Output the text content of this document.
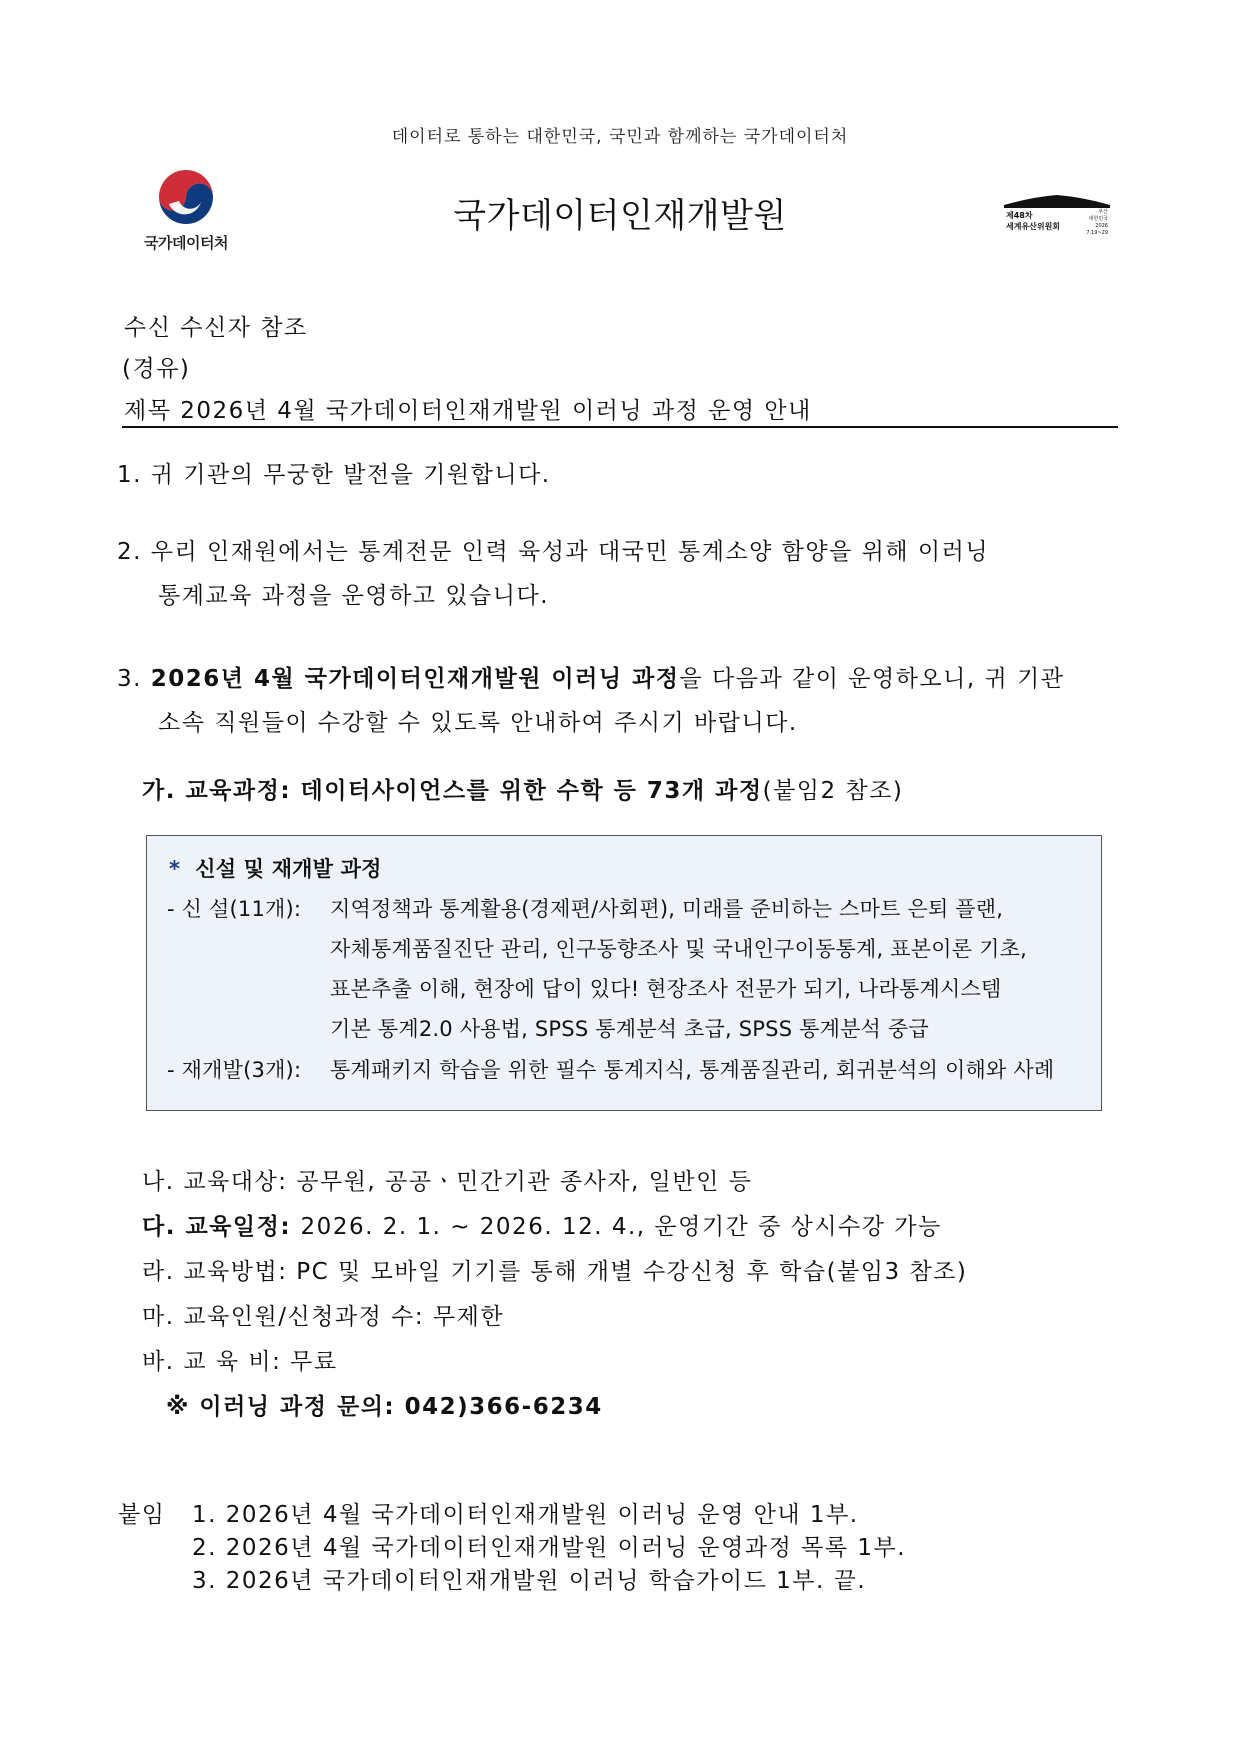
데이터로 통하는 대한민국, 국민과 함께하는 국가데이터처
국가데이터처
국가데이터인재개발원	제48차
세계유산위원회
부산
대한민국
2026
7.19~29
수신 수신자 참조
(경유)
제목 2026년 4월 국가데이터인재개발원 이러닝 과정 운영 안내
1. 귀 기관의 무궁한 발전을 기원합니다.
2. 우리 인재원에서는 통계전문 인력 육성과 대국민 통계소양 함양을 위해 이러닝
통계교육 과정을 운영하고 있습니다.
3. 2026년 4월 국가데이터인재개발원 이러닝 과정을 다음과 같이 운영하오니, 귀 기관
소속 직원들이 수강할 수 있도록 안내하여 주시기 바랍니다.
가. 교육과정: 데이터사이언스를 위한 수학 등 73개 과정(붙임2 참조)
* 신설 및 재개발 과정
- 신 설(11개): 지역정책과 통계활용(경제편/사회편), 미래를 준비하는 스마트 은퇴 플랜,
자체통계품질진단 관리, 인구동향조사 및 국내인구이동통계, 표본이론 기초,
표본추출 이해, 현장에 답이 있다! 현장조사 전문가 되기, 나라통계시스템
기본 통계2.0 사용법, SPSS 통계분석 초급, SPSS 통계분석 중급
- 재개발(3개): 통계패키지 학습을 위한 필수 통계지식, 통계품질관리, 회귀분석의 이해와 사례
나. 교육대상: 공무원, 공공ㆍ민간기관 종사자, 일반인 등
다. 교육일정: 2026. 2. 1. ~ 2026. 12. 4., 운영기간 중 상시수강 가능
라. 교육방법: PC 및 모바일 기기를 통해 개별 수강신청 후 학습(붙임3 참조)
마. 교육인원/신청과정 수: 무제한
바. 교 육 비: 무료
※ 이러닝 과정 문의: 042)366-6234
붙임 1. 2026년 4월 국가데이터인재개발원 이러닝 운영 안내 1부.
2. 2026년 4월 국가데이터인재개발원 이러닝 운영과정 목록 1부.
3. 2026년 국가데이터인재개발원 이러닝 학습가이드 1부. 끝.
